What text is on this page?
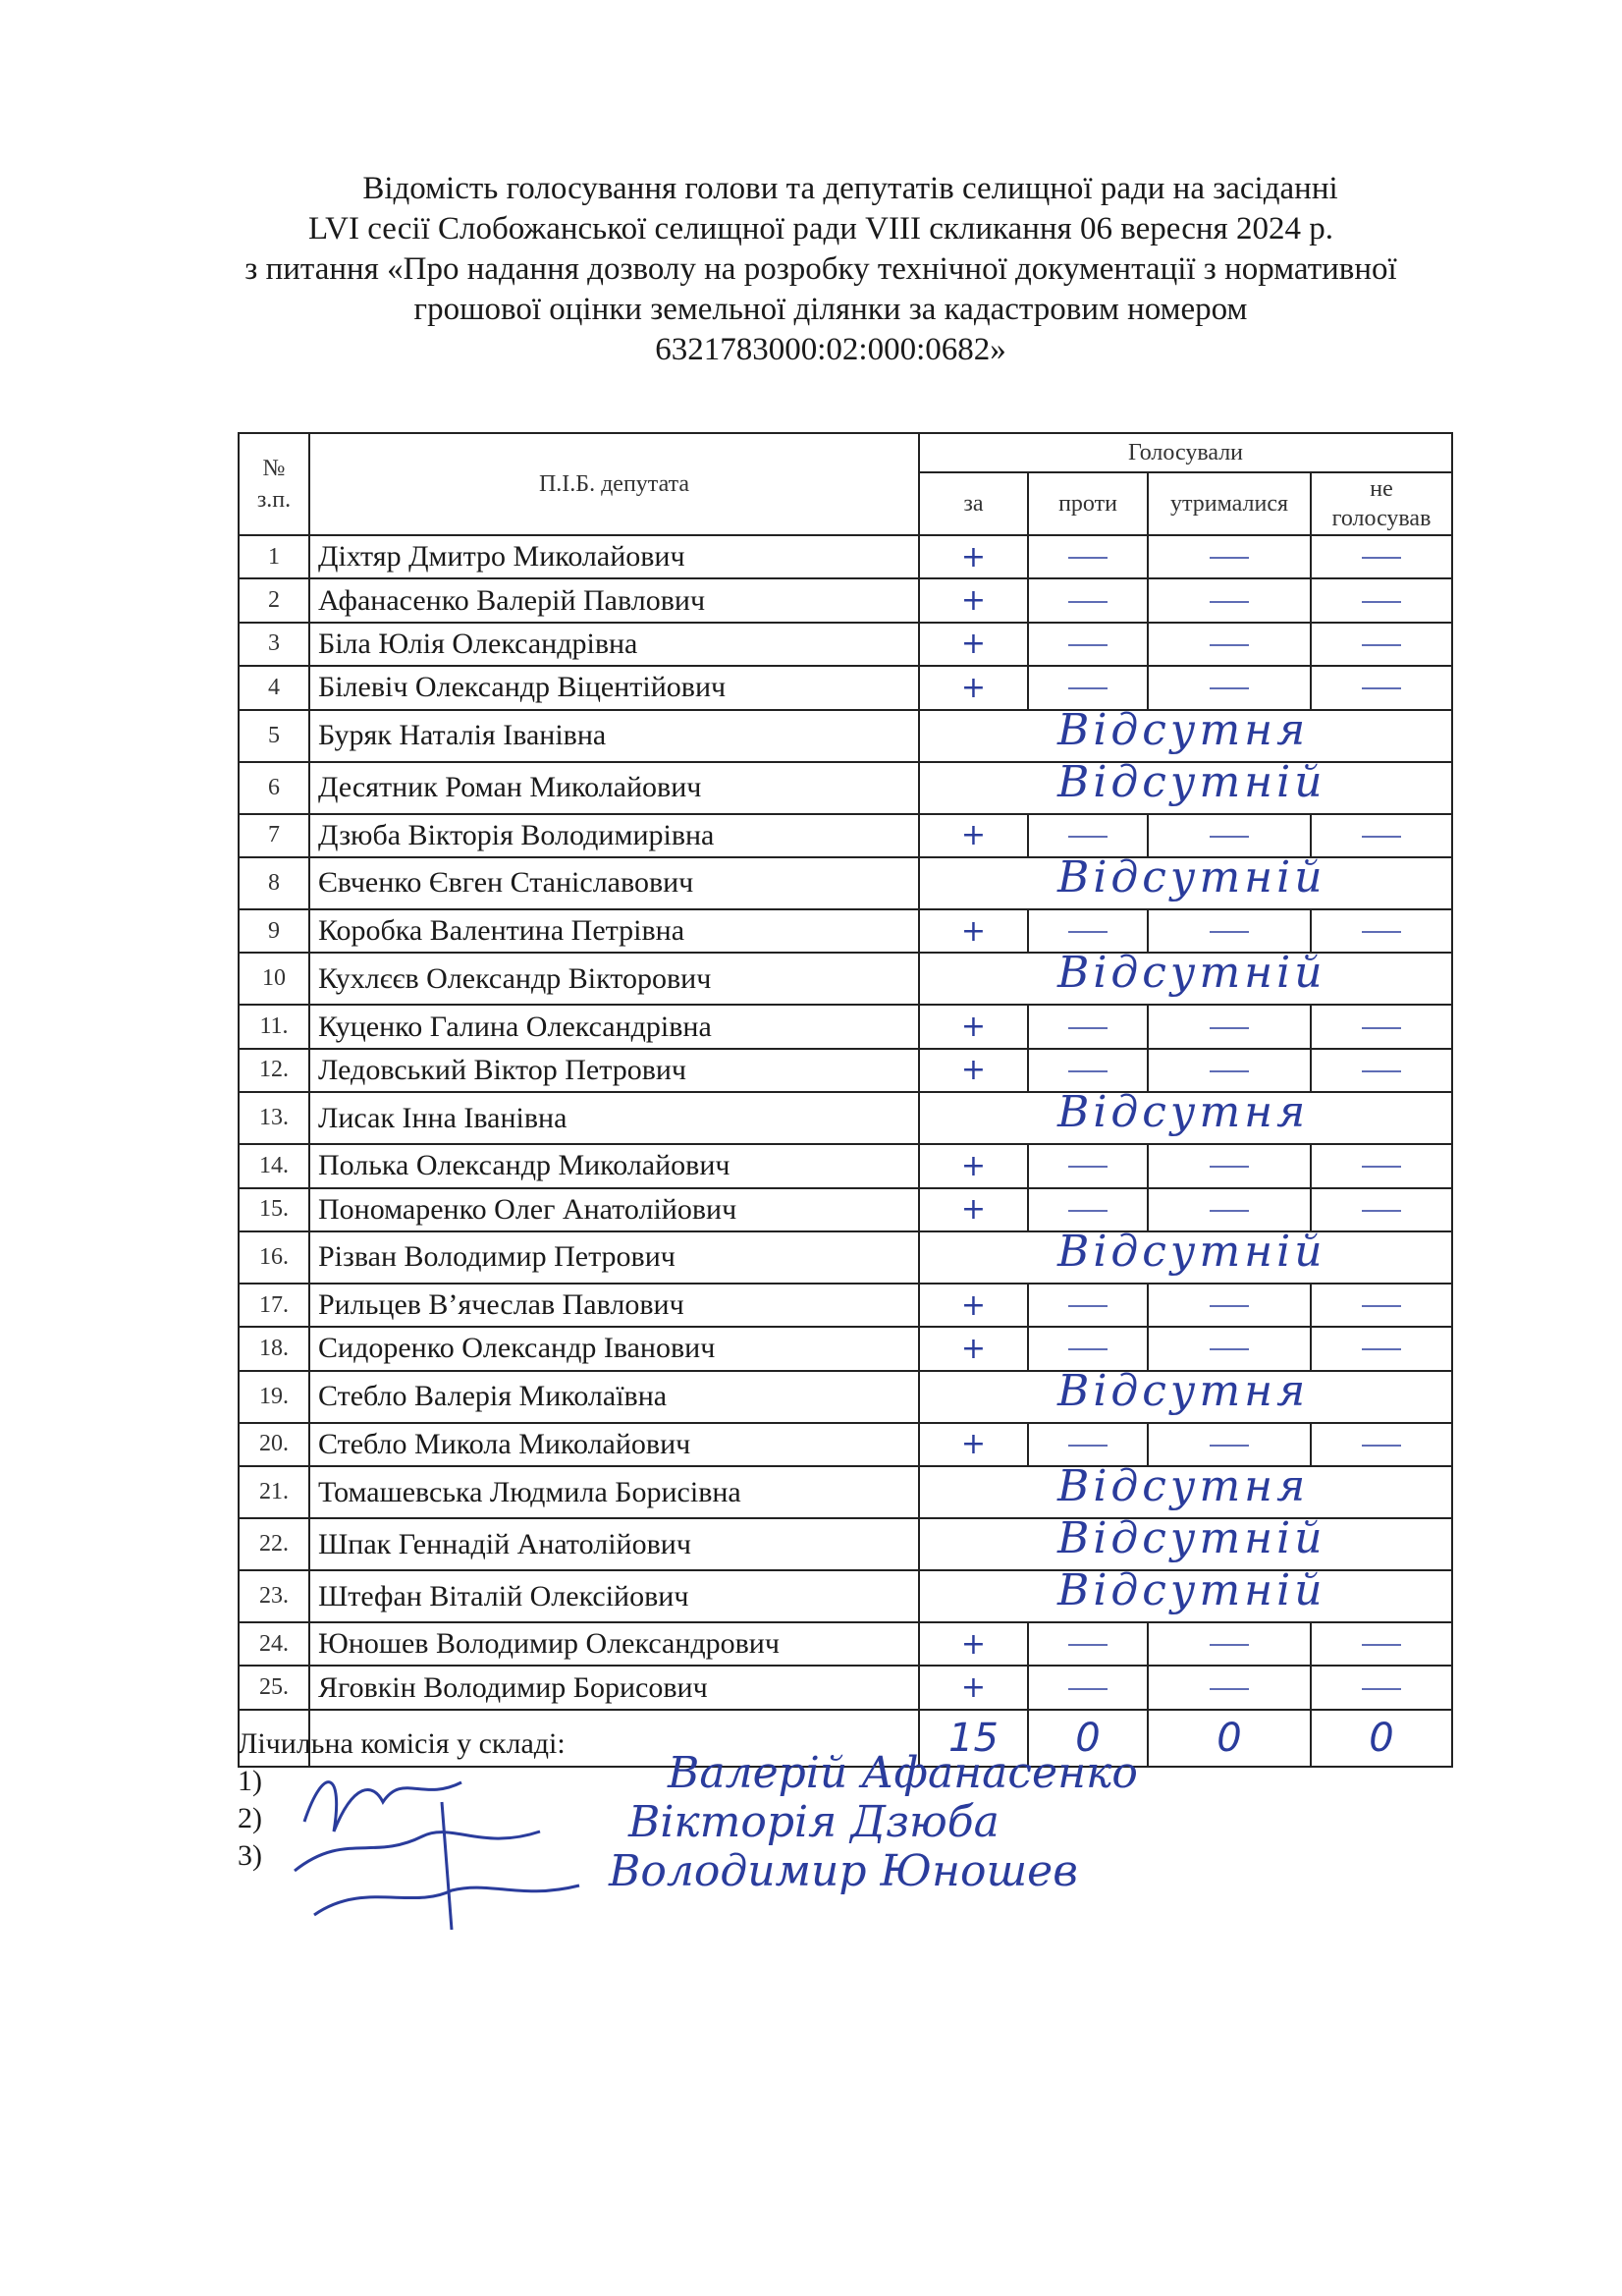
Відомість голосування голови та депутатів селищної ради на засіданні
LVI сесії Слобожанської селищної ради VIII скликання 06 вересня 2024 р.
з питання «Про надання дозволу на розробку технічної документації з нормативної
грошової оцінки земельної ділянки за кадастровим номером
6321783000:02:000:0682»
№
з.п.	П.І.Б. депутата	Голосували			
		за	проти	утрималися	не
голосував

1	Діхтяр Дмитро Миколайович	+			
2	Афанасенко Валерій Павлович	+			
3	Біла Юлія Олександрівна	+			
4	Білевіч Олександр Віцентійович	+			
5	Буряк Наталія Іванівна	Відсутня			
6	Десятник Роман Миколайович	Відсутній			
7	Дзюба Вікторія Володимирівна	+			
8	Євченко Євген Станіславович	Відсутній			
9	Коробка Валентина Петрівна	+			
10	Кухлєєв Олександр Вікторович	Відсутній			
11.	Куценко Галина Олександрівна	+			
12.	Ледовський Віктор Петрович	+			
13.	Лисак Інна Іванівна	Відсутня			
14.	Полька Олександр Миколайович	+			
15.	Пономаренко Олег Анатолійович	+			
16.	Різван Володимир Петрович	Відсутній			
17.	Рильцев В’ячеслав Павлович	+			
18.	Сидоренко Олександр Іванович	+			
19.	Стебло Валерія Миколаївна	Відсутня			
20.	Стебло Микола Миколайович	+			
21.	Томашевська Людмила Борисівна	Відсутня			
22.	Шпак Геннадій Анатолійович	Відсутній			
23.	Штефан Віталій Олексійович	Відсутній			
24.	Юношев Володимир Олександрович	+			
25.	Яговкін Володимир Борисович	+			
		15	0	0	0
Лічильна комісія у складі:
1)
2)
3)
Валерій Афанасенко
Вікторія Дзюба
Володимир Юношев
